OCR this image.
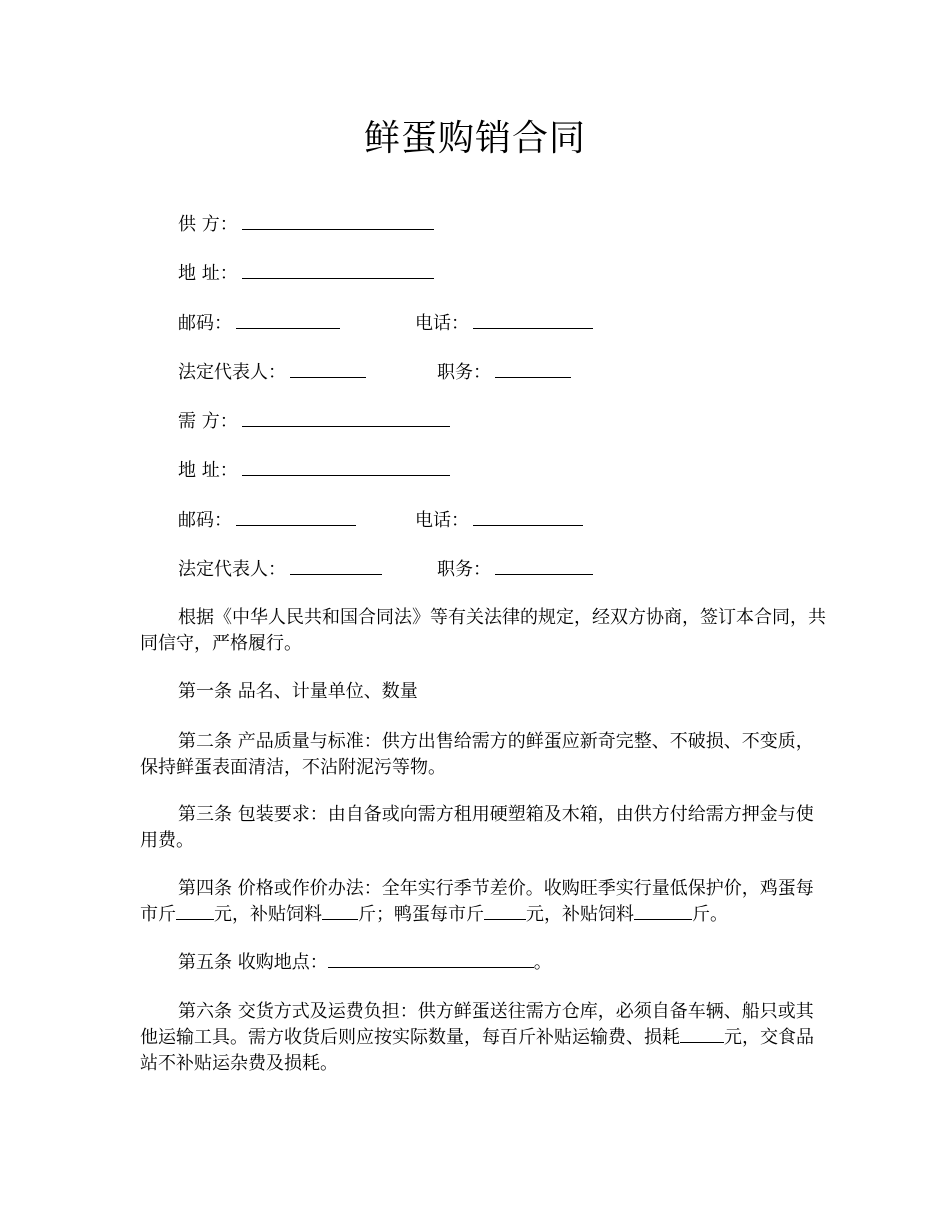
鲜蛋购销合同
供 方：
地 址：
邮码：	电话：
法定代表人：	职务：
需 方：
地 址：
邮码：	电话：
法定代表人：	职务：
根据《中华人民共和国合同法》等有关法律的规定，经双方协商，签订本合同，共同信守，严格履行。
第一条 品名、计量单位、数量
第二条 产品质量与标准：供方出售给需方的鲜蛋应新奇完整、不破损、不变质，保持鲜蛋表面清洁，不沾附泥污等物。
第三条 包装要求：由自备或向需方租用硬塑箱及木箱，由供方付给需方押金与使用费。
第四条 价格或作价办法：全年实行季节差价。收购旺季实行量低保护价，鸡蛋每市斤 元，补贴饲料 斤；鸭蛋每市斤 元，补贴饲料	斤。
第五条 收购地点：	。
第六条 交货方式及运费负担：供方鲜蛋送往需方仓库，必须自备车辆、船只或其他运输工具。需方收货后则应按实际数量，每百斤补贴运输费、损耗 元，交食品站不补贴运杂费及损耗。
